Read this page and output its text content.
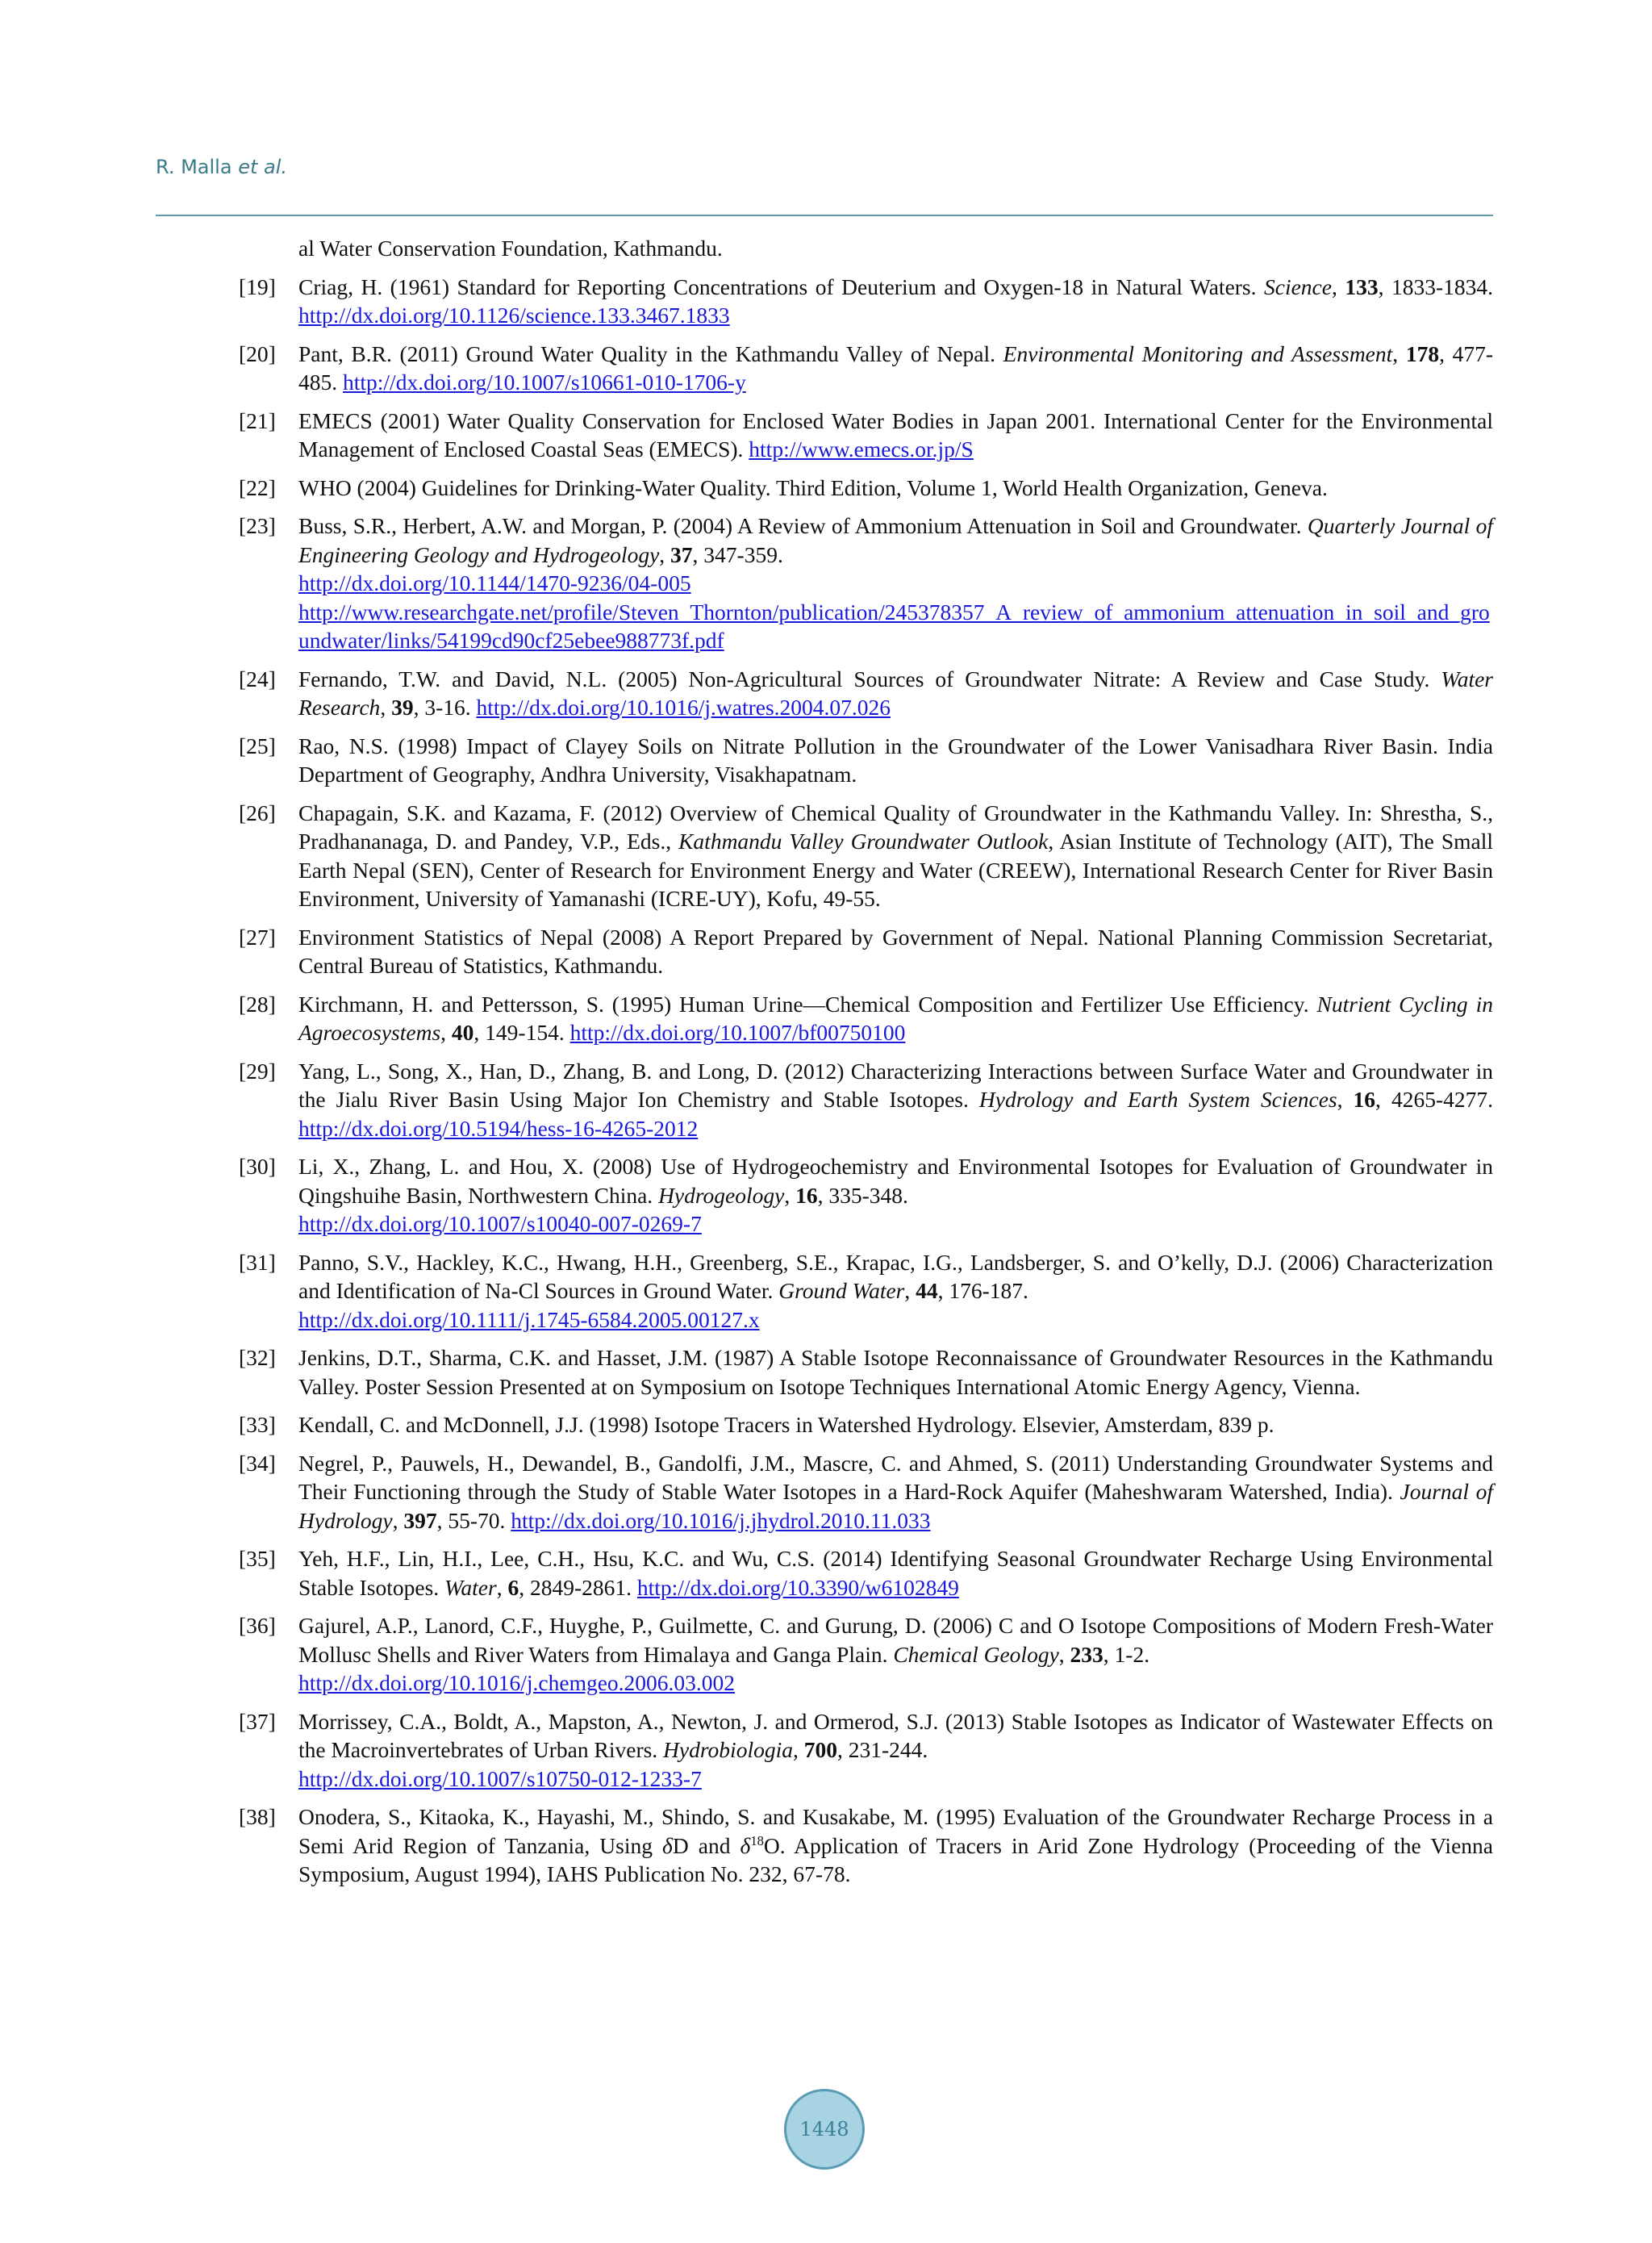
R. Malla et al.
al Water Conservation Foundation, Kathmandu.
[19] Criag, H. (1961) Standard for Reporting Concentrations of Deuterium and Oxygen-18 in Natural Waters. Science, 133, 1833-1834. http://dx.doi.org/10.1126/science.133.3467.1833
[20] Pant, B.R. (2011) Ground Water Quality in the Kathmandu Valley of Nepal. Environmental Monitoring and Assessment, 178, 477-485. http://dx.doi.org/10.1007/s10661-010-1706-y
[21] EMECS (2001) Water Quality Conservation for Enclosed Water Bodies in Japan 2001. International Center for the Environmental Management of Enclosed Coastal Seas (EMECS). http://www.emecs.or.jp/S
[22] WHO (2004) Guidelines for Drinking-Water Quality. Third Edition, Volume 1, World Health Organization, Geneva.
[23] Buss, S.R., Herbert, A.W. and Morgan, P. (2004) A Review of Ammonium Attenuation in Soil and Groundwater. Quarterly Journal of Engineering Geology and Hydrogeology, 37, 347-359.
http://dx.doi.org/10.1144/1470-9236/04-005
http://www.researchgate.net/profile/Steven_Thornton/publication/245378357_A_review_of_ammonium_attenuation_in_soil_and_groundwater/links/54199cd90cf25ebee988773f.pdf
[24] Fernando, T.W. and David, N.L. (2005) Non-Agricultural Sources of Groundwater Nitrate: A Review and Case Study. Water Research, 39, 3-16. http://dx.doi.org/10.1016/j.watres.2004.07.026
[25] Rao, N.S. (1998) Impact of Clayey Soils on Nitrate Pollution in the Groundwater of the Lower Vanisadhara River Basin. India Department of Geography, Andhra University, Visakhapatnam.
[26] Chapagain, S.K. and Kazama, F. (2012) Overview of Chemical Quality of Groundwater in the Kathmandu Valley. In: Shrestha, S., Pradhananaga, D. and Pandey, V.P., Eds., Kathmandu Valley Groundwater Outlook, Asian Institute of Technology (AIT), The Small Earth Nepal (SEN), Center of Research for Environment Energy and Water (CREEW), International Research Center for River Basin Environment, University of Yamanashi (ICRE-UY), Kofu, 49-55.
[27] Environment Statistics of Nepal (2008) A Report Prepared by Government of Nepal. National Planning Commission Secretariat, Central Bureau of Statistics, Kathmandu.
[28] Kirchmann, H. and Pettersson, S. (1995) Human Urine—Chemical Composition and Fertilizer Use Efficiency. Nutrient Cycling in Agroecosystems, 40, 149-154. http://dx.doi.org/10.1007/bf00750100
[29] Yang, L., Song, X., Han, D., Zhang, B. and Long, D. (2012) Characterizing Interactions between Surface Water and Groundwater in the Jialu River Basin Using Major Ion Chemistry and Stable Isotopes. Hydrology and Earth System Sciences, 16, 4265-4277. http://dx.doi.org/10.5194/hess-16-4265-2012
[30] Li, X., Zhang, L. and Hou, X. (2008) Use of Hydrogeochemistry and Environmental Isotopes for Evaluation of Groundwater in Qingshuihe Basin, Northwestern China. Hydrogeology, 16, 335-348.
http://dx.doi.org/10.1007/s10040-007-0269-7
[31] Panno, S.V., Hackley, K.C., Hwang, H.H., Greenberg, S.E., Krapac, I.G., Landsberger, S. and O’kelly, D.J. (2006) Characterization and Identification of Na-Cl Sources in Ground Water. Ground Water, 44, 176-187.
http://dx.doi.org/10.1111/j.1745-6584.2005.00127.x
[32] Jenkins, D.T., Sharma, C.K. and Hasset, J.M. (1987) A Stable Isotope Reconnaissance of Groundwater Resources in the Kathmandu Valley. Poster Session Presented at on Symposium on Isotope Techniques International Atomic Energy Agency, Vienna.
[33] Kendall, C. and McDonnell, J.J. (1998) Isotope Tracers in Watershed Hydrology. Elsevier, Amsterdam, 839 p.
[34] Negrel, P., Pauwels, H., Dewandel, B., Gandolfi, J.M., Mascre, C. and Ahmed, S. (2011) Understanding Groundwater Systems and Their Functioning through the Study of Stable Water Isotopes in a Hard-Rock Aquifer (Maheshwaram Watershed, India). Journal of Hydrology, 397, 55-70. http://dx.doi.org/10.1016/j.jhydrol.2010.11.033
[35] Yeh, H.F., Lin, H.I., Lee, C.H., Hsu, K.C. and Wu, C.S. (2014) Identifying Seasonal Groundwater Recharge Using Environmental Stable Isotopes. Water, 6, 2849-2861. http://dx.doi.org/10.3390/w6102849
[36] Gajurel, A.P., Lanord, C.F., Huyghe, P., Guilmette, C. and Gurung, D. (2006) C and O Isotope Compositions of Modern Fresh-Water Mollusc Shells and River Waters from Himalaya and Ganga Plain. Chemical Geology, 233, 1-2.
http://dx.doi.org/10.1016/j.chemgeo.2006.03.002
[37] Morrissey, C.A., Boldt, A., Mapston, A., Newton, J. and Ormerod, S.J. (2013) Stable Isotopes as Indicator of Wastewater Effects on the Macroinvertebrates of Urban Rivers. Hydrobiologia, 700, 231-244.
http://dx.doi.org/10.1007/s10750-012-1233-7
[38] Onodera, S., Kitaoka, K., Hayashi, M., Shindo, S. and Kusakabe, M. (1995) Evaluation of the Groundwater Recharge Process in a Semi Arid Region of Tanzania, Using δD and $\delta^{18}O$. Application of Tracers in Arid Zone Hydrology (Proceeding of the Vienna Symposium, August 1994), IAHS Publication No. 232, 67-78.
1448
